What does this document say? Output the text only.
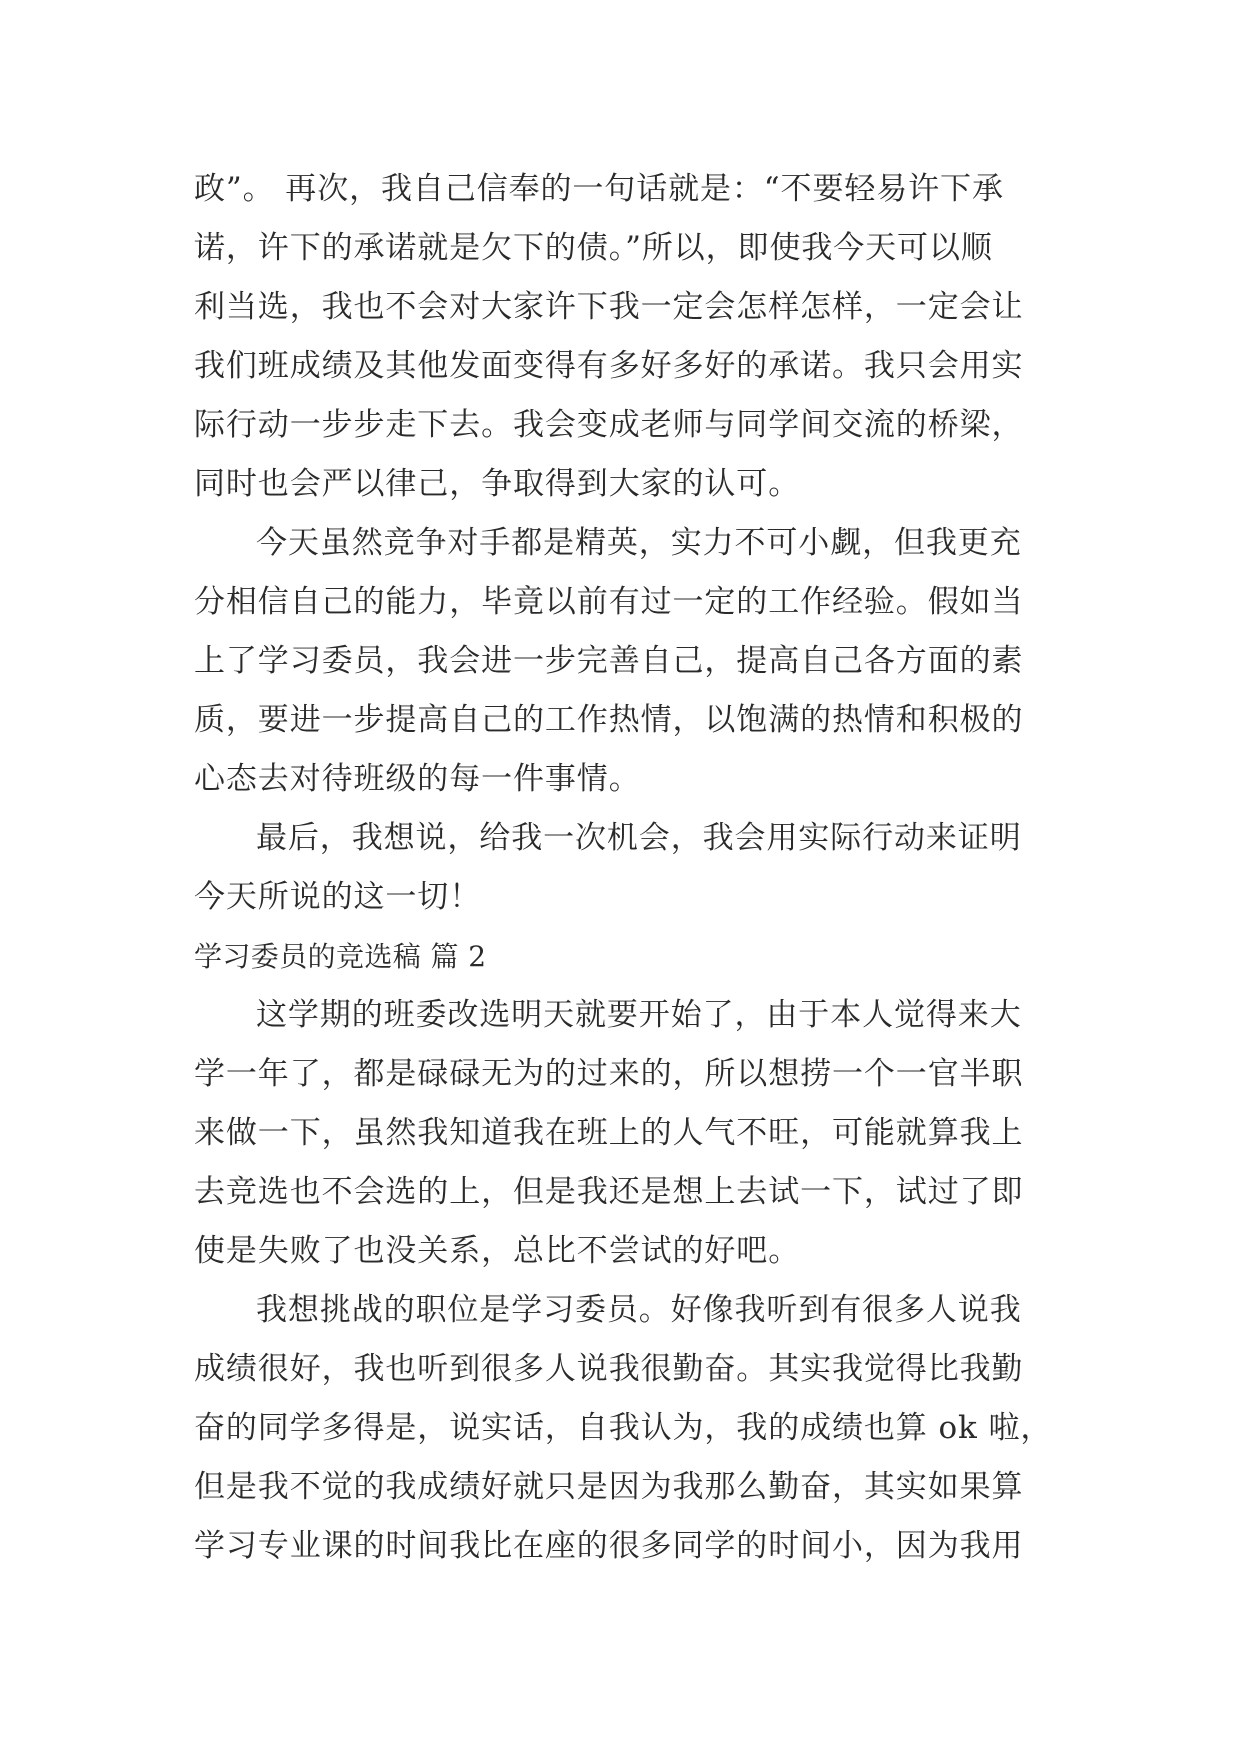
政”。 再次，我自己信奉的一句话就是：“不要轻易许下承
诺，许下的承诺就是欠下的债。”所以，即使我今天可以顺
利当选，我也不会对大家许下我一定会怎样怎样，一定会让
我们班成绩及其他发面变得有多好多好的承诺。我只会用实
际行动一步步走下去。我会变成老师与同学间交流的桥梁，
同时也会严以律己，争取得到大家的认可。
今天虽然竞争对手都是精英，实力不可小觑，但我更充
分相信自己的能力，毕竟以前有过一定的工作经验。假如当
上了学习委员，我会进一步完善自己，提高自己各方面的素
质，要进一步提高自己的工作热情，以饱满的热情和积极的
心态去对待班级的每一件事情。
最后，我想说，给我一次机会，我会用实际行动来证明
今天所说的这一切！
学习委员的竞选稿 篇 2
这学期的班委改选明天就要开始了，由于本人觉得来大
学一年了，都是碌碌无为的过来的，所以想捞一个一官半职
来做一下，虽然我知道我在班上的人气不旺，可能就算我上
去竞选也不会选的上，但是我还是想上去试一下，试过了即
使是失败了也没关系，总比不尝试的好吧。
我想挑战的职位是学习委员。好像我听到有很多人说我
成绩很好，我也听到很多人说我很勤奋。其实我觉得比我勤
奋的同学多得是，说实话，自我认为，我的成绩也算 ok 啦，
但是我不觉的我成绩好就只是因为我那么勤奋，其实如果算
学习专业课的时间我比在座的很多同学的时间小，因为我用
